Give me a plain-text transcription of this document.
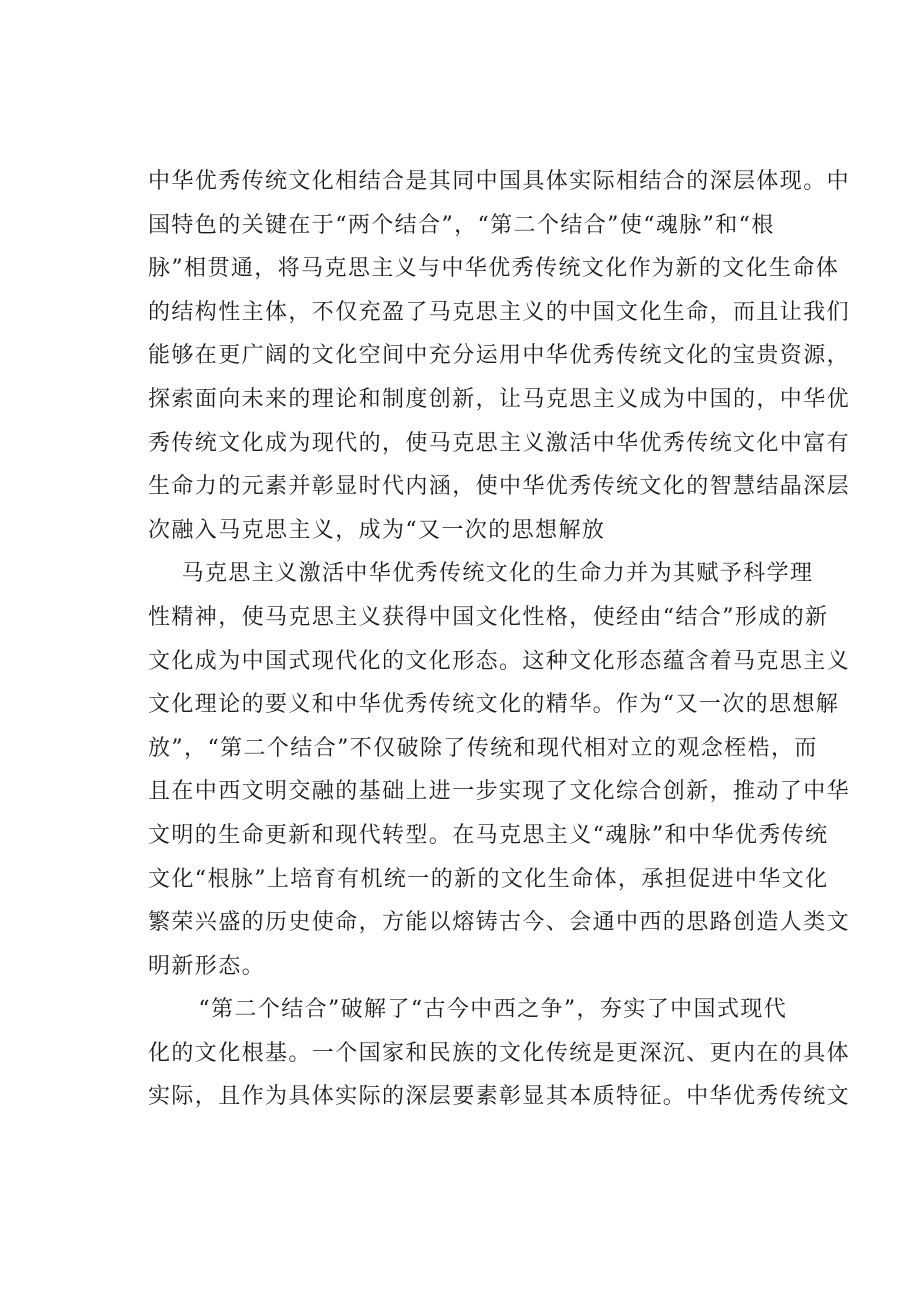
中华优秀传统文化相结合是其同中国具体实际相结合的深层体现。中
国特色的关键在于“两个结合”，“第二个结合”使“魂脉”和“根
脉”相贯通，将马克思主义与中华优秀传统文化作为新的文化生命体
的结构性主体，不仅充盈了马克思主义的中国文化生命，而且让我们
能够在更广阔的文化空间中充分运用中华优秀传统文化的宝贵资源，
探索面向未来的理论和制度创新，让马克思主义成为中国的，中华优
秀传统文化成为现代的，使马克思主义激活中华优秀传统文化中富有
生命力的元素并彰显时代内涵，使中华优秀传统文化的智慧结晶深层
次融入马克思主义，成为“又一次的思想解放
马克思主义激活中华优秀传统文化的生命力并为其赋予科学理
性精神，使马克思主义获得中国文化性格，使经由“结合”形成的新
文化成为中国式现代化的文化形态。这种文化形态蕴含着马克思主义
文化理论的要义和中华优秀传统文化的精华。作为“又一次的思想解
放”，“第二个结合”不仅破除了传统和现代相对立的观念桎梏，而
且在中西文明交融的基础上进一步实现了文化综合创新，推动了中华
文明的生命更新和现代转型。在马克思主义“魂脉”和中华优秀传统
文化“根脉”上培育有机统一的新的文化生命体，承担促进中华文化
繁荣兴盛的历史使命，方能以熔铸古今、会通中西的思路创造人类文
明新形态。
“第二个结合”破解了“古今中西之争”，夯实了中国式现代
化的文化根基。一个国家和民族的文化传统是更深沉、更内在的具体
实际，且作为具体实际的深层要素彰显其本质特征。中华优秀传统文
